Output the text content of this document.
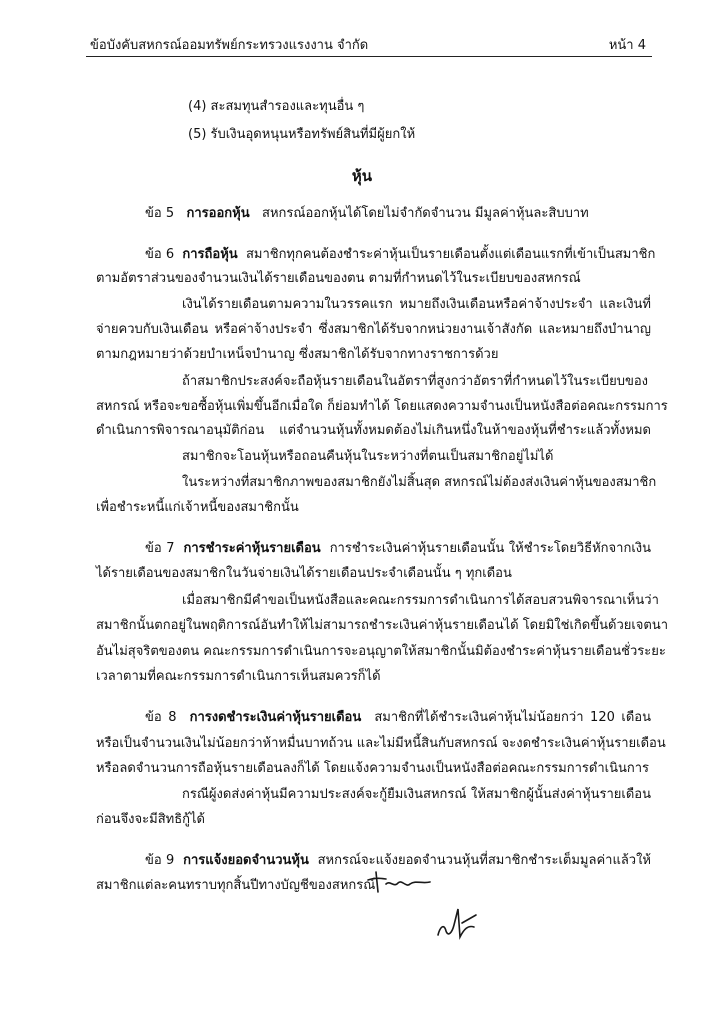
ข้อบังคับสหกรณ์ออมทรัพย์กระทรวงแรงงาน จำกัด	หน้า 4
(4) สะสมทุนสำรองและทุนอื่น ๆ
(5) รับเงินอุดหนุนหรือทรัพย์สินที่มีผู้ยกให้
หุ้น
ข้อ 5 การออกหุ้น สหกรณ์ออกหุ้นได้โดยไม่จำกัดจำนวน มีมูลค่าหุ้นละสิบบาท
ข้อ 6 การถือหุ้น สมาชิกทุกคนต้องชำระค่าหุ้นเป็นรายเดือนตั้งแต่เดือนแรกที่เข้าเป็นสมาชิก
ตามอัตราส่วนของจำนวนเงินได้รายเดือนของตน ตามที่กำหนดไว้ในระเบียบของสหกรณ์
เงินได้รายเดือนตามความในวรรคแรก หมายถึงเงินเดือนหรือค่าจ้างประจำ และเงินที่
จ่ายควบกับเงินเดือน หรือค่าจ้างประจำ ซึ่งสมาชิกได้รับจากหน่วยงานเจ้าสังกัด และหมายถึงบำนาญ
ตามกฎหมายว่าด้วยบำเหน็จบำนาญ ซึ่งสมาชิกได้รับจากทางราชการด้วย
ถ้าสมาชิกประสงค์จะถือหุ้นรายเดือนในอัตราที่สูงกว่าอัตราที่กำหนดไว้ในระเบียบของ
สหกรณ์ หรือจะขอซื้อหุ้นเพิ่มขึ้นอีกเมื่อใด ก็ย่อมทำได้ โดยแสดงความจำนงเป็นหนังสือต่อคณะกรรมการ
ดำเนินการพิจารณาอนุมัติก่อน แต่จำนวนหุ้นทั้งหมดต้องไม่เกินหนึ่งในห้าของหุ้นที่ชำระแล้วทั้งหมด
สมาชิกจะโอนหุ้นหรือถอนคืนหุ้นในระหว่างที่ตนเป็นสมาชิกอยู่ไม่ได้
ในระหว่างที่สมาชิกภาพของสมาชิกยังไม่สิ้นสุด สหกรณ์ไม่ต้องส่งเงินค่าหุ้นของสมาชิก
เพื่อชำระหนี้แก่เจ้าหนี้ของสมาชิกนั้น
ข้อ 7 การชำระค่าหุ้นรายเดือน การชำระเงินค่าหุ้นรายเดือนนั้น ให้ชำระโดยวิธีหักจากเงิน
ได้รายเดือนของสมาชิกในวันจ่ายเงินได้รายเดือนประจำเดือนนั้น ๆ ทุกเดือน
เมื่อสมาชิกมีคำขอเป็นหนังสือและคณะกรรมการดำเนินการได้สอบสวนพิจารณาเห็นว่า
สมาชิกนั้นตกอยู่ในพฤติการณ์อันทำให้ไม่สามารถชำระเงินค่าหุ้นรายเดือนได้ โดยมิใช่เกิดขึ้นด้วยเจตนา
อันไม่สุจริตของตน คณะกรรมการดำเนินการจะอนุญาตให้สมาชิกนั้นมิต้องชำระค่าหุ้นรายเดือนชั่วระยะ
เวลาตามที่คณะกรรมการดำเนินการเห็นสมควรก็ได้
ข้อ 8 การงดชำระเงินค่าหุ้นรายเดือน สมาชิกที่ได้ชำระเงินค่าหุ้นไม่น้อยกว่า 120 เดือน
หรือเป็นจำนวนเงินไม่น้อยกว่าห้าหมื่นบาทถ้วน และไม่มีหนี้สินกับสหกรณ์ จะงดชำระเงินค่าหุ้นรายเดือน
หรือลดจำนวนการถือหุ้นรายเดือนลงก็ได้ โดยแจ้งความจำนงเป็นหนังสือต่อคณะกรรมการดำเนินการ
กรณีผู้งดส่งค่าหุ้นมีความประสงค์จะกู้ยืมเงินสหกรณ์ ให้สมาชิกผู้นั้นส่งค่าหุ้นรายเดือน
ก่อนจึงจะมีสิทธิกู้ได้
ข้อ 9 การแจ้งยอดจำนวนหุ้น สหกรณ์จะแจ้งยอดจำนวนหุ้นที่สมาชิกชำระเต็มมูลค่าแล้วให้
สมาชิกแต่ละคนทราบทุกสิ้นปีทางบัญชีของสหกรณ์
